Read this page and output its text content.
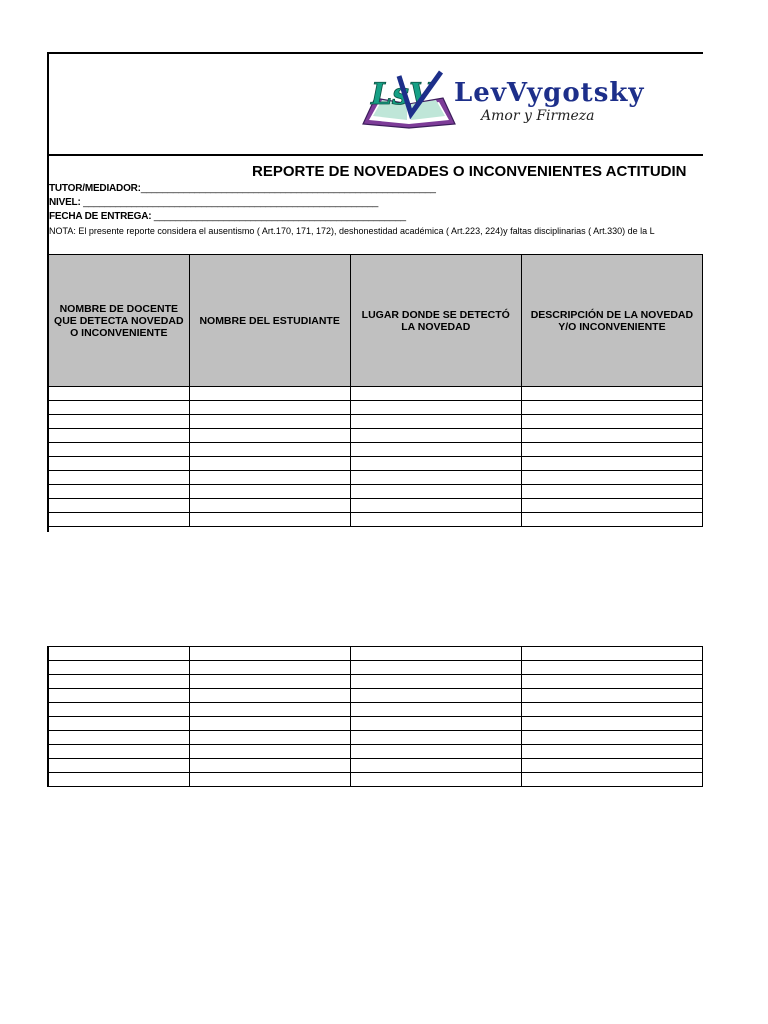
LsV LevVygotsky
Amor y Firmeza
REPORTE DE NOVEDADES O INCONVENIENTES ACTITUDIN
TUTOR/MEDIADOR:_______________________________________________________
NIVEL: _______________________________________________________
FECHA DE ENTREGA: _______________________________________________
NOTA: El presente reporte considera el ausentismo ( Art.170, 171, 172), deshonestidad académica ( Art.223, 224)y faltas disciplinarias ( Art.330) de la L
NOMBRE DE DOCENTE QUE DETECTA NOVEDAD O INCONVENIENTE	NOMBRE DEL ESTUDIANTE	LUGAR DONDE SE DETECTÓ LA NOVEDAD	DESCRIPCIÓN DE LA NOVEDAD Y/O INCONVENIENTE
